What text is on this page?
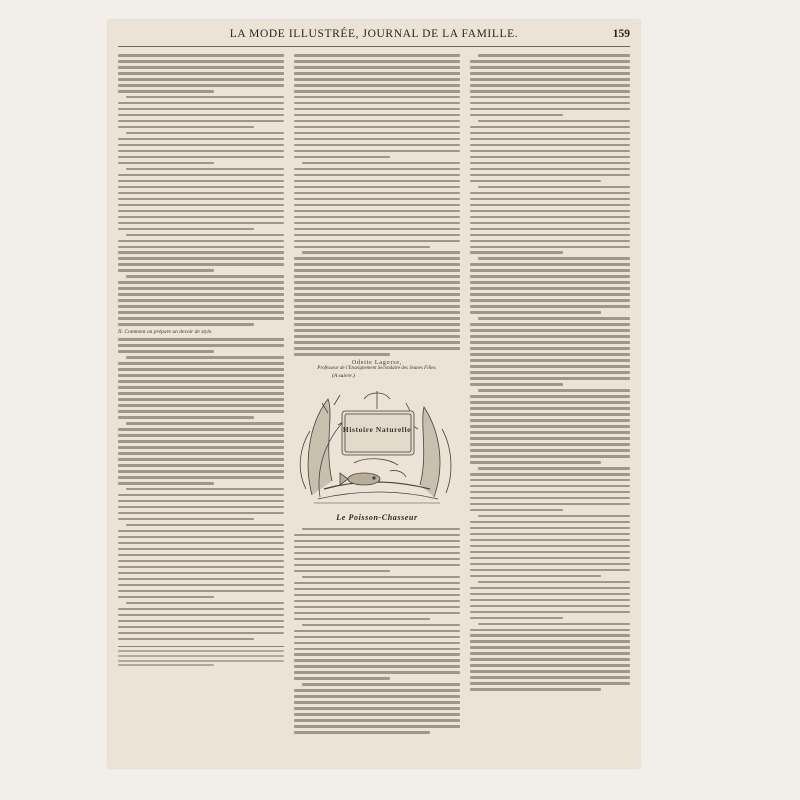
LA MODE ILLUSTRÉE, JOURNAL DE LA FAMILLE.	159
II. Comment on prépare un devoir de style.
Odette Lagorse,
Professeur de l'Enseignement Secondaire des Jeunes Filles.
(A suivre.)
Histoire Naturelle
Le Poisson-Chasseur
